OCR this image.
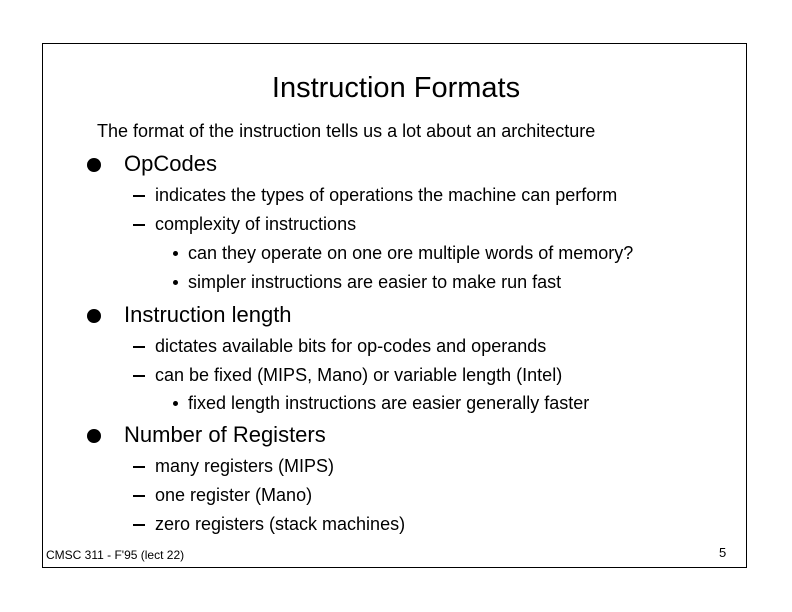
Instruction Formats
The format of the instruction tells us a lot about an architecture
OpCodes
indicates the types of operations the machine can perform
complexity of instructions
can they operate on one ore multiple words of memory?
simpler instructions are easier to make run fast
Instruction length
dictates available bits for op-codes and operands
can be fixed (MIPS, Mano) or variable length (Intel)
fixed length instructions are easier generally faster
Number of Registers
many registers (MIPS)
one register (Mano)
zero registers (stack machines)
CMSC 311 - F'95 (lect 22)	5
